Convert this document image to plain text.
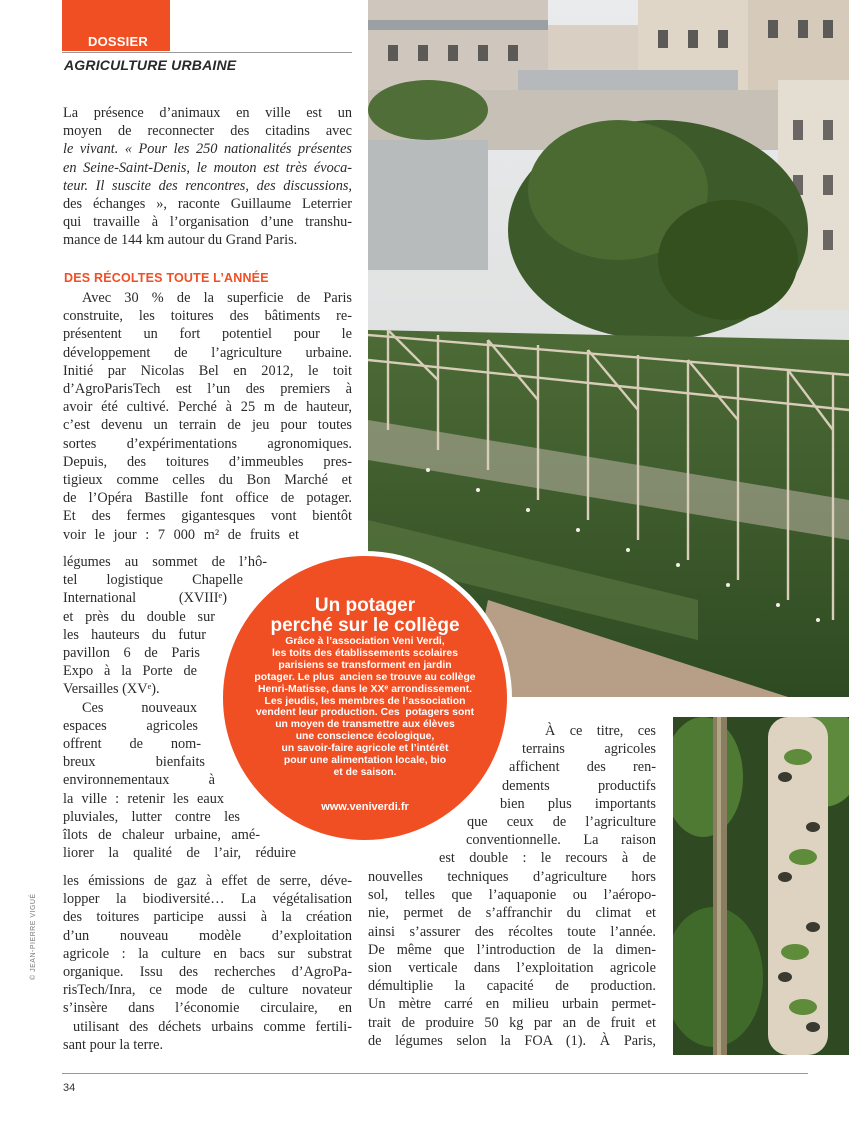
DOSSIER
AGRICULTURE URBAINE
© JEAN-PIERRE VIGUÉ
La présence d’animaux en ville est un
moyen de reconnecter des citadins avec
le vivant. « Pour les 250 nationalités présentes
en Seine-Saint-Denis, le mouton est très évoca-
teur. Il suscite des rencontres, des discussions,
des échanges », raconte Guillaume Leterrier
qui travaille à l’organisation d’une transhu-
mance de 144 km autour du Grand Paris.
DES RÉCOLTES TOUTE L’ANNÉE
Avec 30 % de la superficie de Paris
construite, les toitures des bâtiments re-
présentent un fort potentiel pour le
développement de l’agriculture urbaine.
Initié par Nicolas Bel en 2012, le toit
d’AgroParisTech est l’un des premiers à
avoir été cultivé. Perché à 25 m de hauteur,
c’est devenu un terrain de jeu pour toutes
sortes d’expérimentations agronomiques.
Depuis, des toitures d’immeubles pres-
tigieux comme celles du Bon Marché et
de l’Opéra Bastille font office de potager.
Et des fermes gigantesques vont bientôt
voir le jour : 7 000 m² de fruits et
légumes au sommet de l’hô-
tel logistique Chapelle
International (XVIIIᵉ)
et près du double sur
les hauteurs du futur
pavillon 6 de Paris
Expo à la Porte de
Versailles (XVᵉ).
Ces nouveaux
espaces agricoles
offrent de nom-
breux bienfaits
environnementaux à
la ville : retenir les eaux
pluviales, lutter contre les
îlots de chaleur urbaine, amé-
liorer la qualité de l’air, réduire
les émissions de gaz à effet de serre, déve-
lopper la biodiversité… La végétalisation
des toitures participe aussi à la création
d’un nouveau modèle d’exploitation
agricole : la culture en bacs sur substrat
organique. Issu des recherches d’AgroPa-
risTech/Inra, ce mode de culture novateur
s’insère dans l’économie circulaire, en
utilisant des déchets urbains comme fertili-
sant pour la terre.
À ce titre, ces
terrains agricoles
affichent des ren-
dements productifs
bien plus importants
que ceux de l’agriculture
conventionnelle. La raison
est double : le recours à de
nouvelles techniques d’agriculture hors
sol, telles que l’aquaponie ou l’aéropo-
nie, permet de s’affranchir du climat et
ainsi s’assurer des récoltes toute l’année.
De même que l’introduction de la dimen-
sion verticale dans l’exploitation agricole
démultiplie la capacité de production.
Un mètre carré en milieu urbain permet-
trait de produire 50 kg par an de fruit et
de légumes selon la FOA (1). À Paris,
Un potager
perché sur le collège
Grâce à l’association Veni Verdi,
les toits des établissements scolaires
parisiens se transforment en jardin
potager. Le plus  ancien se trouve au collège
Henri-Matisse, dans le XXᵉ arrondissement.
Les jeudis, les membres de l’association
vendent leur production. Ces  potagers sont
un moyen de transmettre aux élèves
une conscience écologique,
un savoir-faire agricole et l’intérêt
pour une alimentation locale, bio
et de saison.
www.veniverdi.fr
34
